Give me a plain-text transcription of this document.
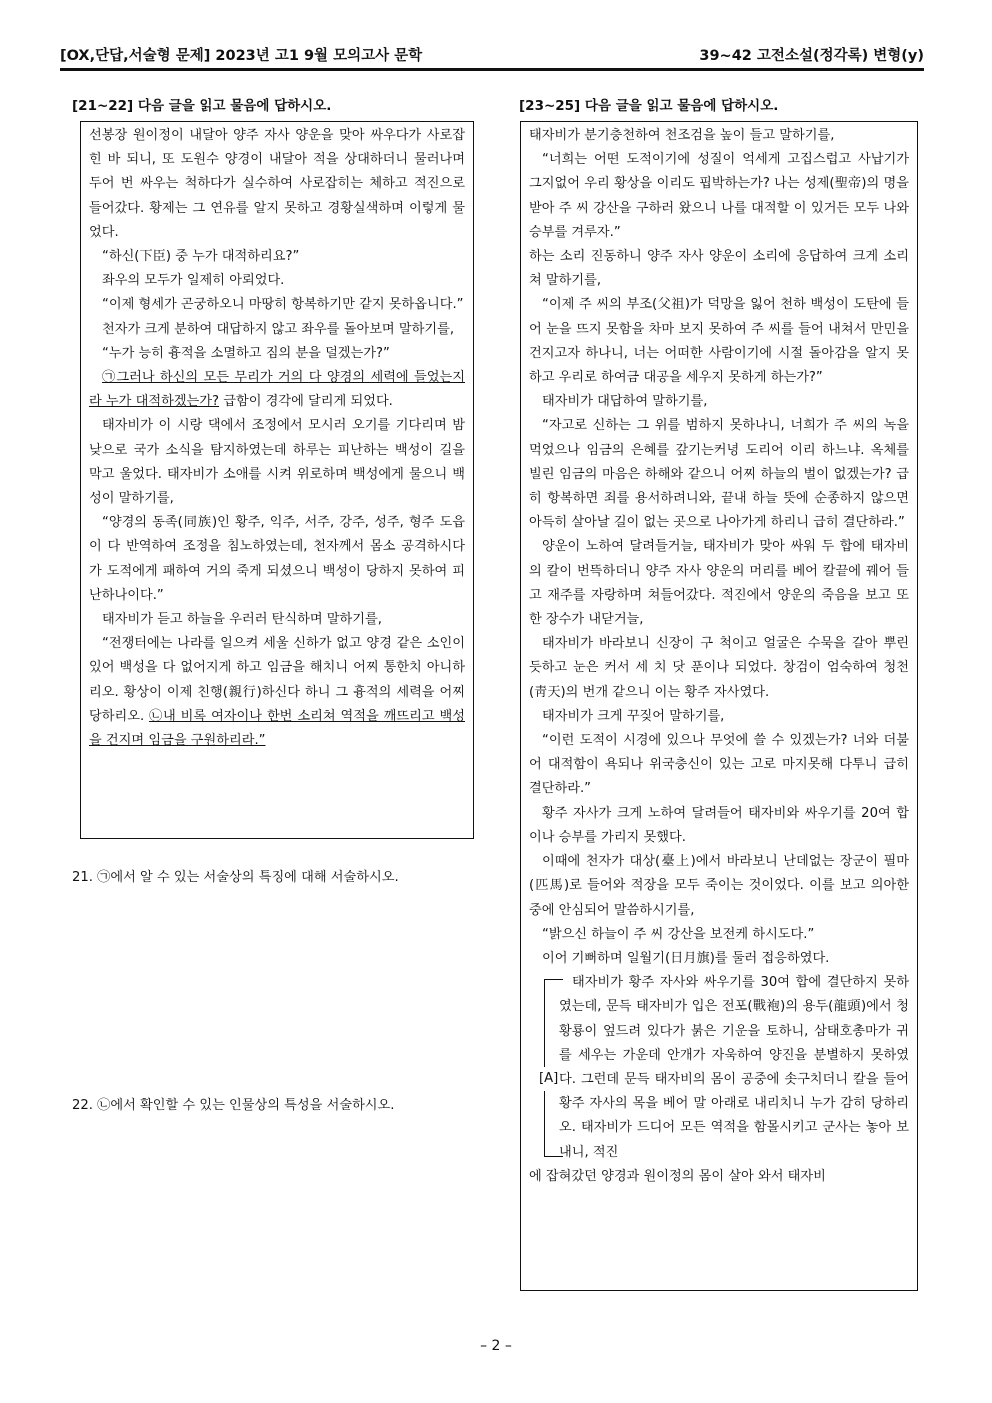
[OX,단답,서술형 문제] 2023년 고1 9월 모의고사 문학	39~42 고전소설(정각록) 변형(y)
[21~22] 다음 글을 읽고 물음에 답하시오.	[23~25] 다음 글을 읽고 물음에 답하시오.

선봉장 원이정이 내달아 양주 자사 양운을 맞아 싸우다가 사로잡힌 바 되니, 또 도원수 양경이 내달아 적을 상대하더니 물러나며 두어 번 싸우는 척하다가 실수하여 사로잡히는 체하고 적진으로 들어갔다. 황제는 그 연유를 알지 못하고 경황실색하며 이렇게 물었다.

“하신(下臣) 중 누가 대적하리요?”

좌우의 모두가 일제히 아뢰었다.

“이제 형세가 곤궁하오니 마땅히 항복하기만 같지 못하옵니다.”

천자가 크게 분하여 대답하지 않고 좌우를 돌아보며 말하기를,

“누가 능히 흉적을 소멸하고 짐의 분을 덜겠는가?”

㉠그러나 하신의 모든 무리가 거의 다 양경의 세력에 들었는지라 누가 대적하겠는가? 급함이 경각에 달리게 되었다.

태자비가 이 시랑 댁에서 조정에서 모시러 오기를 기다리며 밤낮으로 국가 소식을 탐지하였는데 하루는 피난하는 백성이 길을 막고 울었다. 태자비가 소애를 시켜 위로하며 백성에게 물으니 백성이 말하기를,

“양경의 동족(同族)인 황주, 익주, 서주, 강주, 성주, 형주 도읍이 다 반역하여 조정을 침노하였는데, 천자께서 몸소 공격하시다가 도적에게 패하여 거의 죽게 되셨으니 백성이 당하지 못하여 피난하나이다.”

태자비가 듣고 하늘을 우러러 탄식하며 말하기를,

“전쟁터에는 나라를 일으켜 세울 신하가 없고 양경 같은 소인이 있어 백성을 다 없어지게 하고 임금을 해치니 어찌 통한치 아니하리오. 황상이 이제 친행(親行)하신다 하니 그 흉적의 세력을 어찌 당하리오. ㉡내 비록 여자이나 한번 소리쳐 역적을 깨뜨리고 백성을 건지며 임금을 구원하리라.”

21. ㉠에서 알 수 있는 서술상의 특징에 대해 서술하시오.
22. ㉡에서 확인할 수 있는 인물상의 특성을 서술하시오.

태자비가 분기충천하여 천조검을 높이 들고 말하기를,

“너희는 어떤 도적이기에 성질이 억세게 고집스럽고 사납기가 그지없어 우리 황상을 이리도 핍박하는가? 나는 성제(聖帝)의 명을 받아 주 씨 강산을 구하러 왔으니 나를 대적할 이 있거든 모두 나와 승부를 겨루자.”

하는 소리 진동하니 양주 자사 양운이 소리에 응답하여 크게 소리쳐 말하기를,

“이제 주 씨의 부조(父祖)가 덕망을 잃어 천하 백성이 도탄에 들어 눈을 뜨지 못함을 차마 보지 못하여 주 씨를 들어 내쳐서 만민을 건지고자 하나니, 너는 어떠한 사람이기에 시절 돌아감을 알지 못하고 우리로 하여금 대공을 세우지 못하게 하는가?”

태자비가 대답하여 말하기를,

“자고로 신하는 그 위를 범하지 못하나니, 너희가 주 씨의 녹을 먹었으나 임금의 은혜를 갚기는커녕 도리어 이리 하느냐. 옥체를 빌린 임금의 마음은 하해와 같으니 어찌 하늘의 벌이 없겠는가? 급히 항복하면 죄를 용서하려니와, 끝내 하늘 뜻에 순종하지 않으면 아득히 살아날 길이 없는 곳으로 나아가게 하리니 급히 결단하라.”

양운이 노하여 달려들거늘, 태자비가 맞아 싸워 두 합에 태자비의 칼이 번뜩하더니 양주 자사 양운의 머리를 베어 칼끝에 꿰어 들고 재주를 자랑하며 쳐들어갔다. 적진에서 양운의 죽음을 보고 또 한 장수가 내닫거늘,

태자비가 바라보니 신장이 구 척이고 얼굴은 수묵을 갈아 뿌린 듯하고 눈은 커서 세 치 닷 푼이나 되었다. 창검이 엄숙하여 청천(靑天)의 번개 같으니 이는 황주 자사였다.

태자비가 크게 꾸짖어 말하기를,

“이런 도적이 시경에 있으나 무엇에 쓸 수 있겠는가? 너와 더불어 대적함이 욕되나 위국충신이 있는 고로 마지못해 다투니 급히 결단하라.”

황주 자사가 크게 노하여 달려들어 태자비와 싸우기를 20여 합이나 승부를 가리지 못했다.

이때에 천자가 대상(臺上)에서 바라보니 난데없는 장군이 필마(匹馬)로 들어와 적장을 모두 죽이는 것이었다. 이를 보고 의아한 중에 안심되어 말씀하시기를,

“밝으신 하늘이 주 씨 강산을 보전케 하시도다.”

이어 기뻐하며 일월기(日月旗)를 둘러 접응하였다.

[A]

태자비가 황주 자사와 싸우기를 30여 합에 결단하지 못하였는데, 문득 태자비가 입은 전포(戰袍)의 용두(龍頭)에서 청황룡이 엎드려 있다가 붉은 기운을 토하니, 삼태호총마가 귀를 세우는 가운데 안개가 자욱하여 양진을 분별하지 못하였다. 그런데 문득 태자비의 몸이 공중에 솟구치더니 칼을 들어 황주 자사의 목을 베어 말 아래로 내리치니 누가 감히 당하리오. 태자비가 드디어 모든 역적을 함몰시키고 군사는 놓아 보내니, 적진

에 잡혀갔던 양경과 원이정의 몸이 살아 와서 태자비

– 2 –
